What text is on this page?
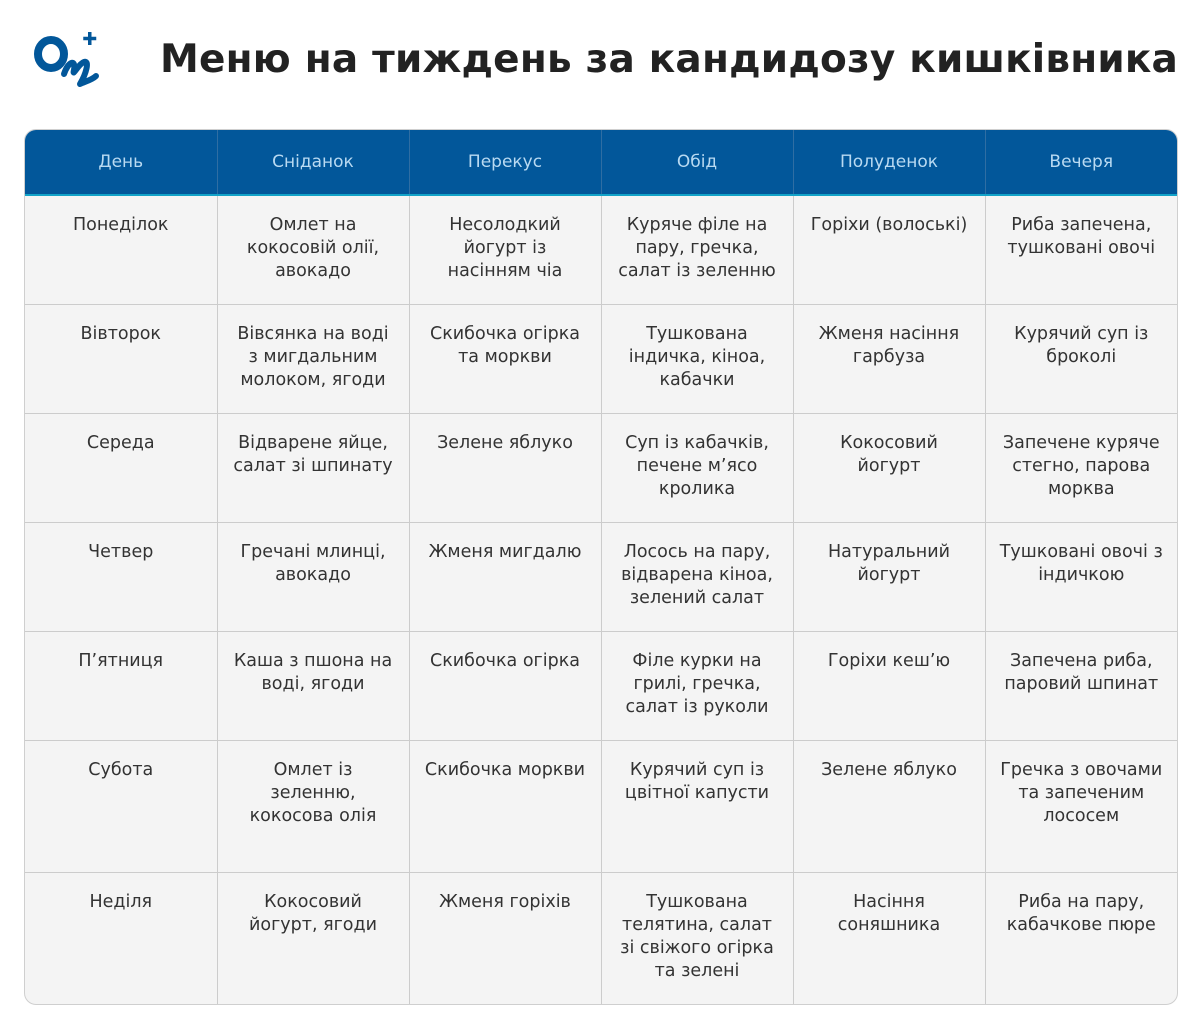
Меню на тиждень за кандидозу кишківника
День	Сніданок	Перекус	Обід	Полуденок	Вечеря
Понеділок	Омлет на кокосовій олії, авокадо	Несолодкий йогурт із насінням чіа	Куряче філе на пару, гречка, салат із зеленню	Горіхи (волоські)	Риба запечена, тушковані овочі
Вівторок	Вівсянка на воді з мигдальним молоком, ягоди	Скибочка огірка та моркви	Тушкована індичка, кіноа, кабачки	Жменя насіння гарбуза	Курячий суп із броколі
Середа	Відварене яйце, салат зі шпинату	Зелене яблуко	Суп із кабачків, печене м’ясо кролика	Кокосовий йогурт	Запечене куряче стегно, парова морква
Четвер	Гречані млинці, авокадо	Жменя мигдалю	Лосось на пару, відварена кіноа, зелений салат	Натуральний йогурт	Тушковані овочі з індичкою
П’ятниця	Каша з пшона на воді, ягоди	Скибочка огірка	Філе курки на грилі, гречка, салат із руколи	Горіхи кеш’ю	Запечена риба, паровий шпинат
Субота	Омлет із зеленню, кокосова олія	Скибочка моркви	Курячий суп із цвітної капусти	Зелене яблуко	Гречка з овочами та запеченим лососем
Неділя	Кокосовий йогурт, ягоди	Жменя горіхів	Тушкована телятина, салат зі свіжого огірка та зелені	Насіння соняшника	Риба на пару, кабачкове пюре
